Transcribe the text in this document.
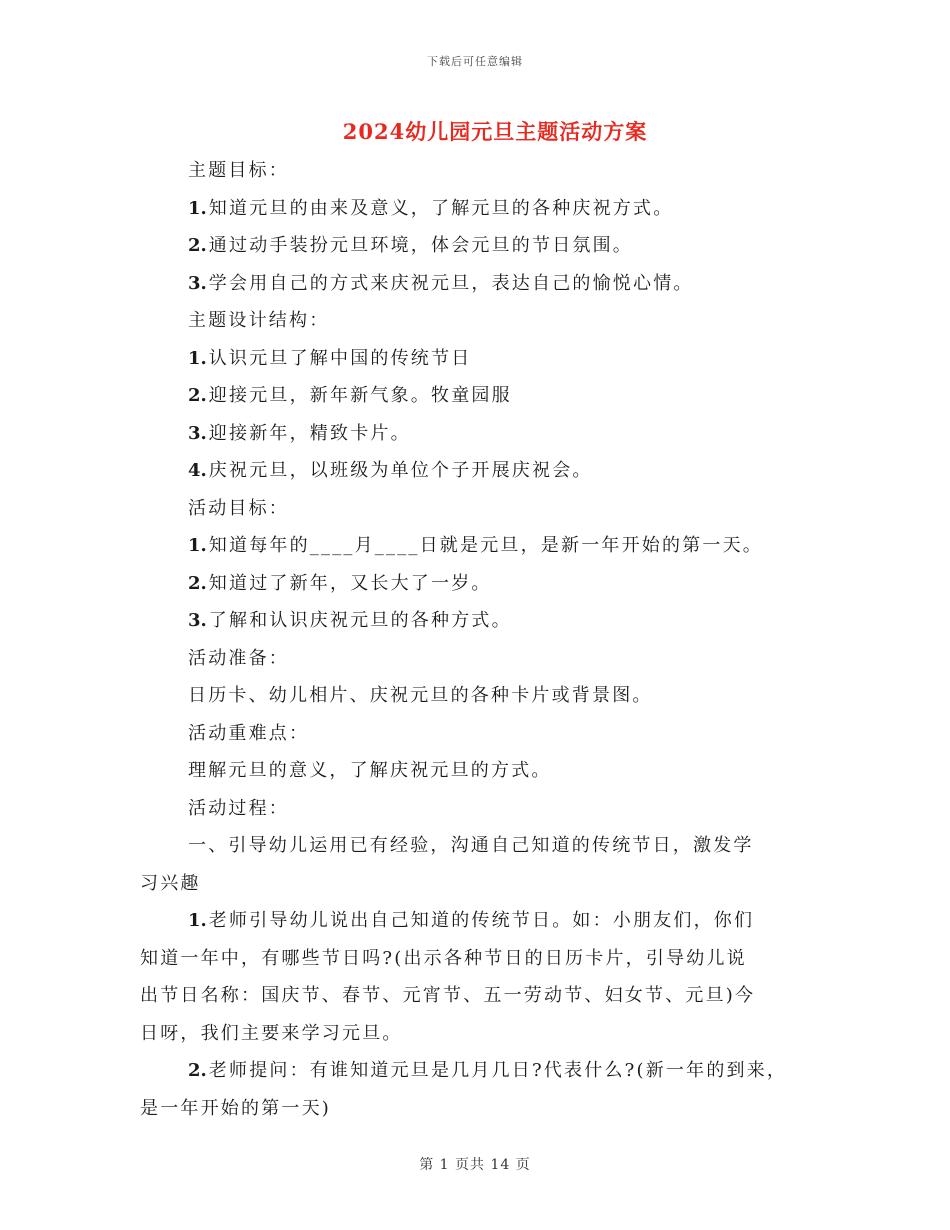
下载后可任意编辑
2024幼儿园元旦主题活动方案
主题目标：
1. 知道元旦的由来及意义，了解元旦的各种庆祝方式。
2. 通过动手装扮元旦环境，体会元旦的节日氛围。
3. 学会用自己的方式来庆祝元旦，表达自己的愉悦心情。
主题设计结构：
1. 认识元旦了解中国的传统节日
2. 迎接元旦，新年新气象。牧童园服
3. 迎接新年，精致卡片。
4. 庆祝元旦，以班级为单位个子开展庆祝会。
活动目标：
1. 知道每年的____月____日就是元旦，是新一年开始的第一天。
2. 知道过了新年，又长大了一岁。
3. 了解和认识庆祝元旦的各种方式。
活动准备：
日历卡、幼儿相片、庆祝元旦的各种卡片或背景图。
活动重难点：
理解元旦的意义，了解庆祝元旦的方式。
活动过程：
一、引导幼儿运用已有经验，沟通自己知道的传统节日，激发学
习兴趣
1. 老师引导幼儿说出自己知道的传统节日。如：小朋友们，你们
知道一年中，有哪些节日吗?(出示各种节日的日历卡片，引导幼儿说
出节日名称：国庆节、春节、元宵节、五一劳动节、妇女节、元旦)今
日呀，我们主要来学习元旦。
2. 老师提问：有谁知道元旦是几月几日?代表什么?(新一年的到来，
是一年开始的第一天)
第 1 页共 14 页
